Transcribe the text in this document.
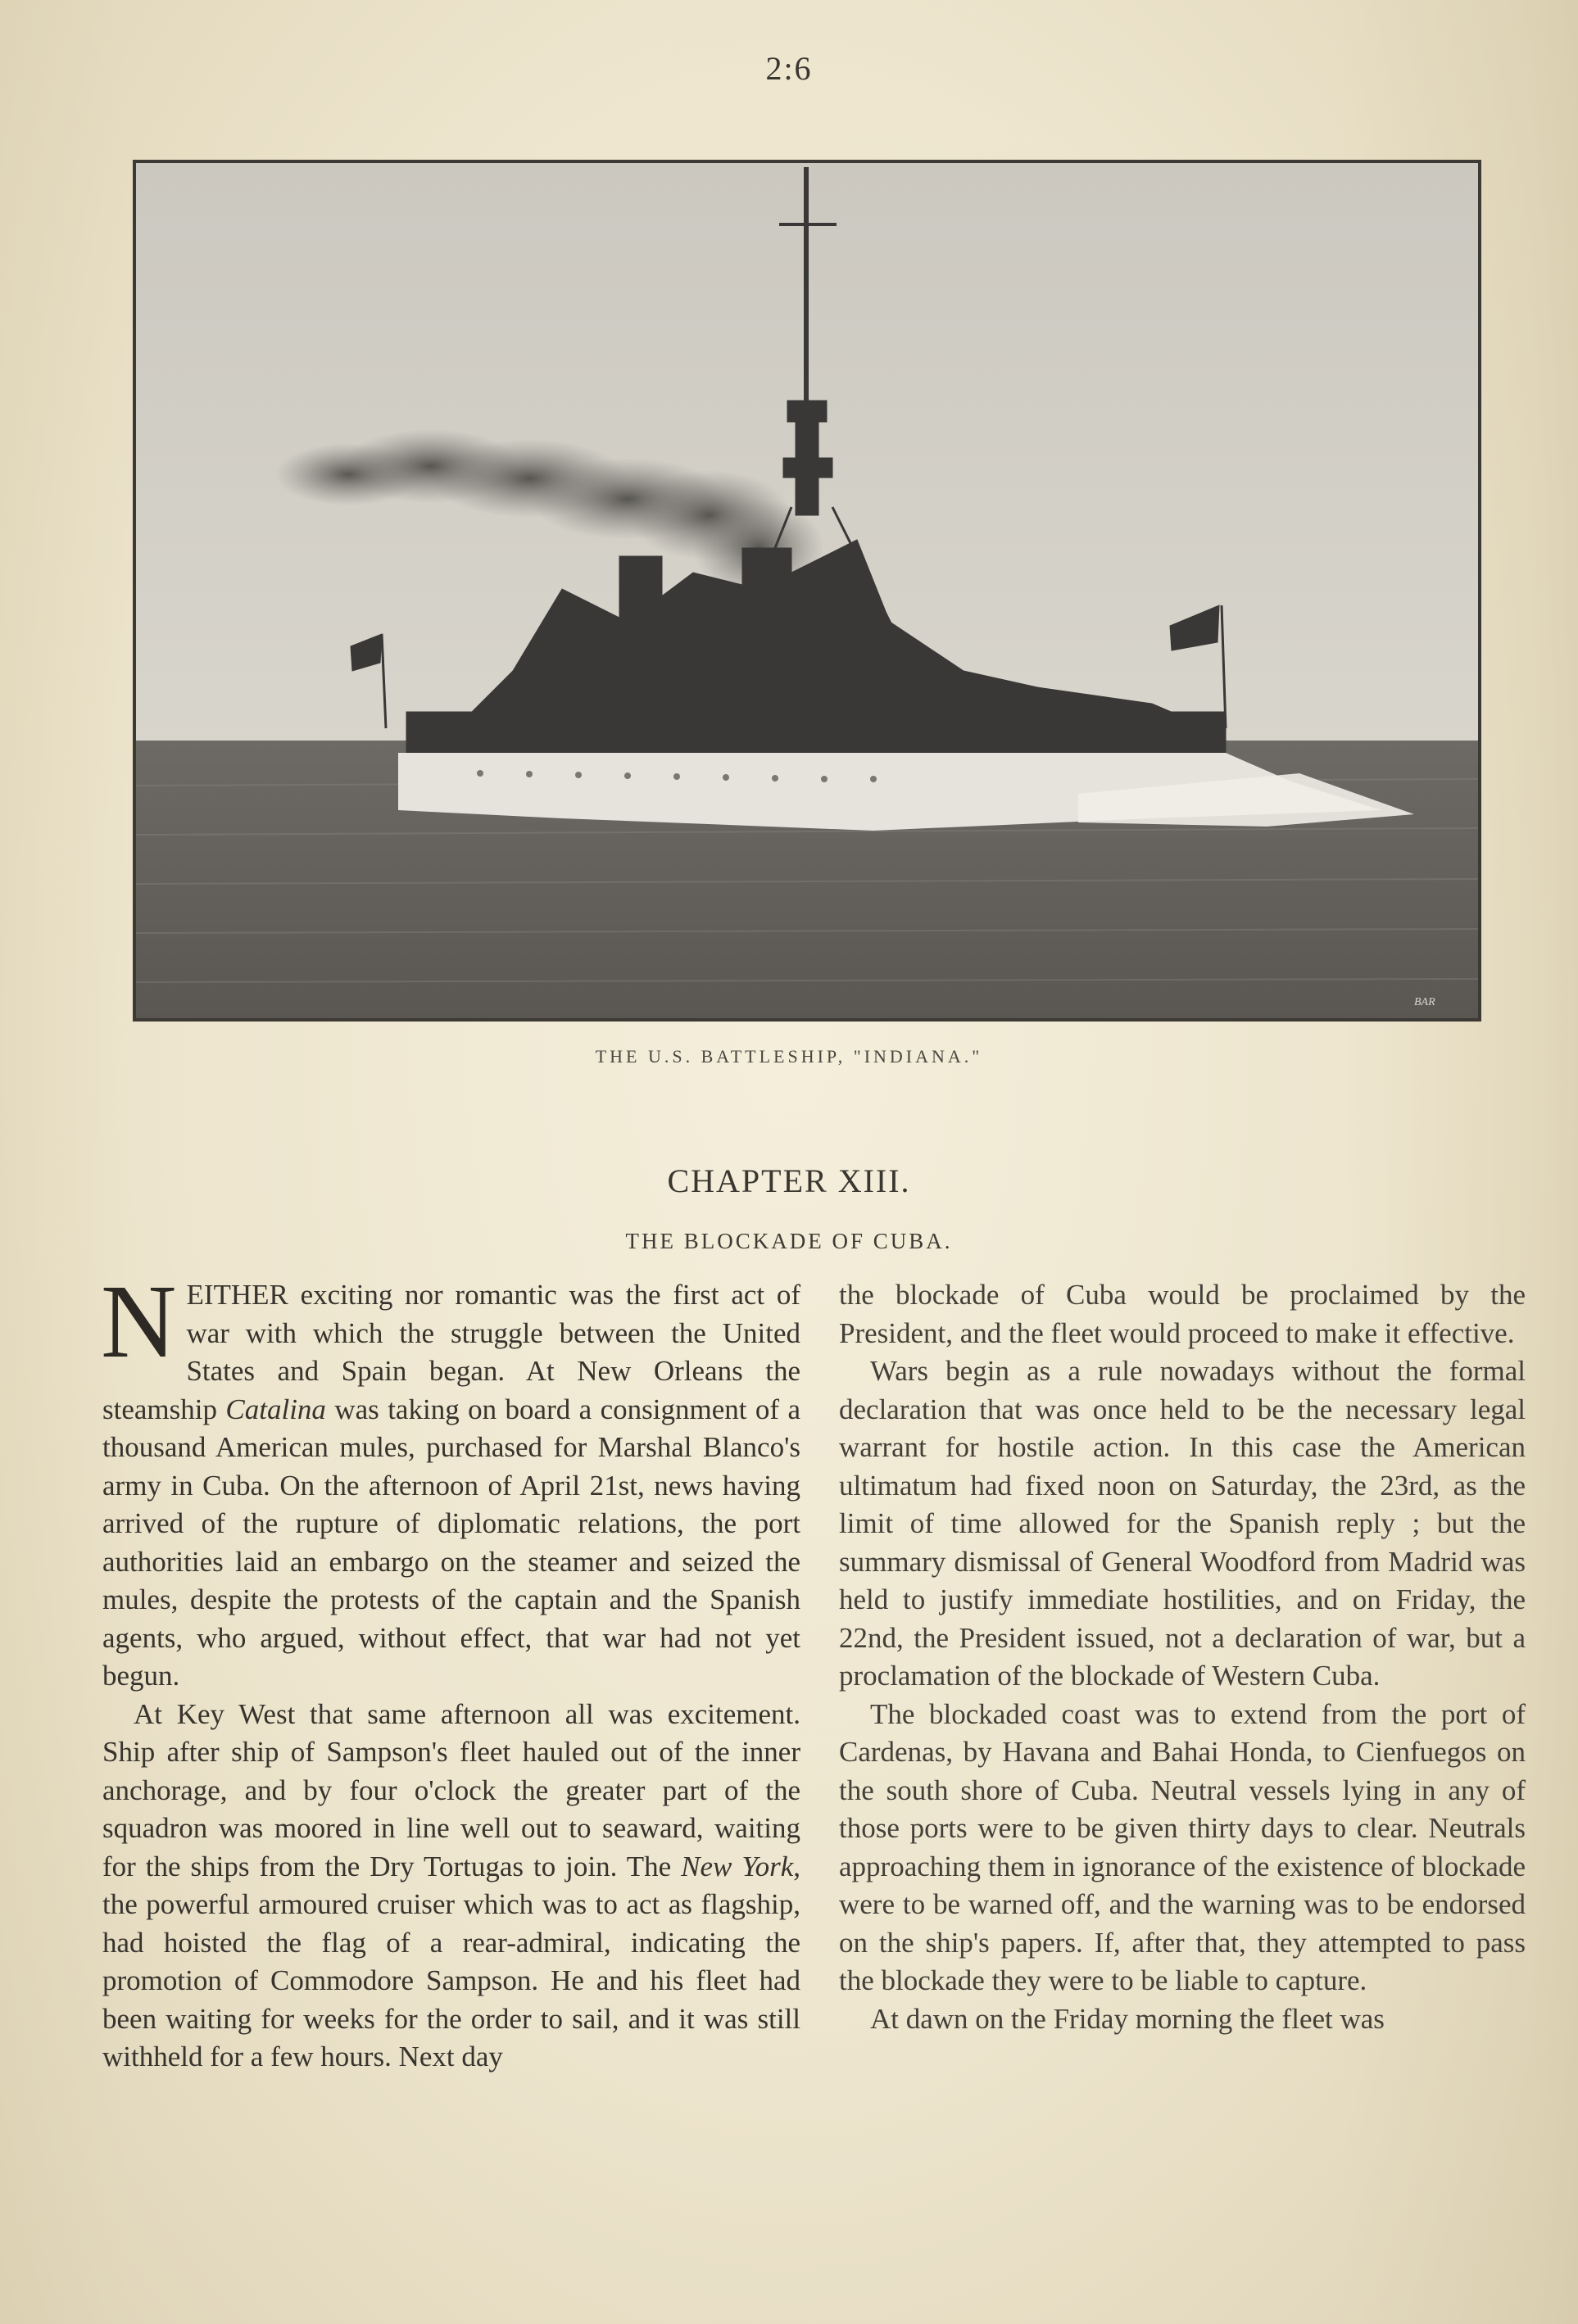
2:6
BAR
THE U.S. BATTLESHIP, "INDIANA."
CHAPTER XIII.
THE BLOCKADE OF CUBA.

NEITHER exciting nor romantic was the first act of war with which the struggle between the United States and Spain began. At New Orleans the steamship Catalina was taking on board a consignment of a thousand American mules, purchased for Marshal Blanco's army in Cuba. On the afternoon of April 21st, news having arrived of the rupture of diplomatic relations, the port authorities laid an embargo on the steamer and seized the mules, despite the protests of the captain and the Spanish agents, who argued, without effect, that war had not yet begun.

At Key West that same afternoon all was excitement. Ship after ship of Sampson's fleet hauled out of the inner anchorage, and by four o'clock the greater part of the squadron was moored in line well out to seaward, waiting for the ships from the Dry Tortugas to join. The New York, the powerful armoured cruiser which was to act as flagship, had hoisted the flag of a rear-admiral, indicating the promotion of Commodore Sampson. He and his fleet had been waiting for weeks for the order to sail, and it was still withheld for a few hours. Next day

the blockade of Cuba would be proclaimed by the President, and the fleet would proceed to make it effective.

Wars begin as a rule nowadays without the formal declaration that was once held to be the necessary legal warrant for hostile action. In this case the American ultimatum had fixed noon on Saturday, the 23rd, as the limit of time allowed for the Spanish reply ; but the summary dismissal of General Woodford from Madrid was held to justify immediate hostilities, and on Friday, the 22nd, the President issued, not a declaration of war, but a proclamation of the blockade of Western Cuba.

The blockaded coast was to extend from the port of Cardenas, by Havana and Bahai Honda, to Cienfuegos on the south shore of Cuba. Neutral vessels lying in any of those ports were to be given thirty days to clear. Neutrals approaching them in ignorance of the existence of blockade were to be warned off, and the warning was to be endorsed on the ship's papers. If, after that, they attempted to pass the blockade they were to be liable to capture.

At dawn on the Friday morning the fleet was
